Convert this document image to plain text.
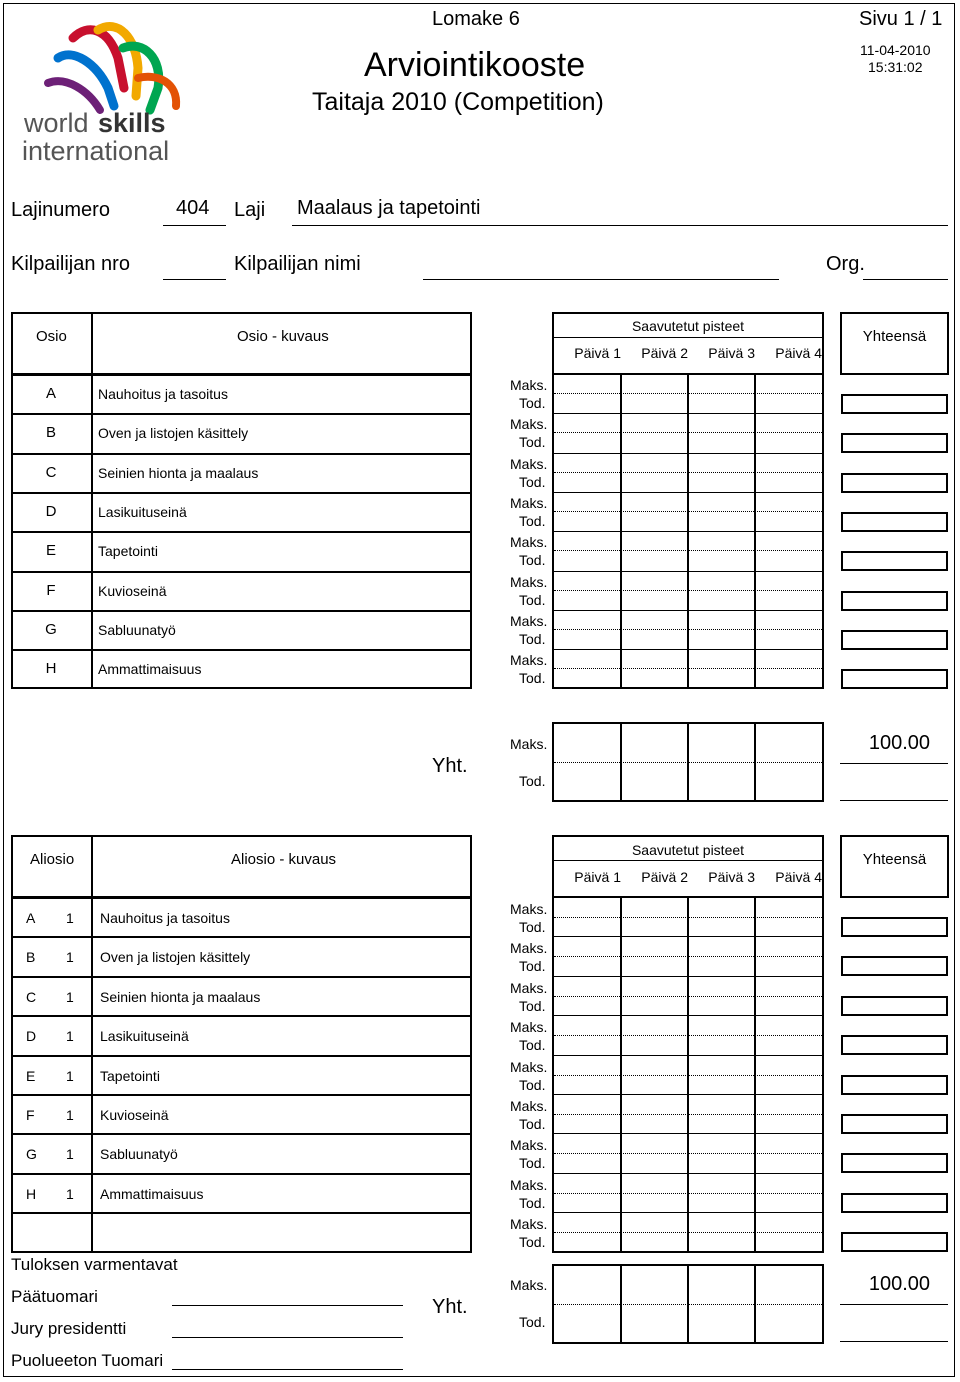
world skills
international
Lomake 6	Sivu 1 / 1
11-04-2010
15:31:02
Arviointikooste
Taitaja 2010 (Competition)
Lajinumero	404 Laji Maalaus ja tapetointi
Kilpailijan nro	Kilpailijan nimi	Org.
Osio	Osio - kuvaus
Saavutetut pisteet
Päivä 1	Päivä 2	Päivä 3	Päivä 4
Yhteensä
A	Nauhoitus ja tasoitus
Maks.
Tod.
B	Oven ja listojen käsittely
Maks.
Tod.
C	Seinien hionta ja maalaus
Maks.
Tod.
D	Lasikuituseinä
Maks.
Tod.
E	Tapetointi
Maks.
Tod.
F	Kuvioseinä
Maks.
Tod.
G	Sabluunatyö
Maks.
Tod.
H	Ammattimaisuus
Maks.
Tod.
Yht.
Maks.
Tod.
100.00
Aliosio	Aliosio - kuvaus
Saavutetut pisteet
Päivä 1	Päivä 2	Päivä 3	Päivä 4
Yhteensä
A 1 Nauhoitus ja tasoitus
Maks.
Tod.
B 1 Oven ja listojen käsittely
Maks.
Tod.
C 1 Seinien hionta ja maalaus
Maks.
Tod.
D 1 Lasikuituseinä
Maks.
Tod.
E 1 Tapetointi
Maks.
Tod.
F 1 Kuvioseinä
Maks.
Tod.
G 1 Sabluunatyö
Maks.
Tod.
H 1 Ammattimaisuus
Maks.
Tod.
Maks.
Tod.
Yht.
Maks.
Tod.
100.00
Tuloksen varmentavat
Päätuomari
Jury presidentti
Puolueeton Tuomari
